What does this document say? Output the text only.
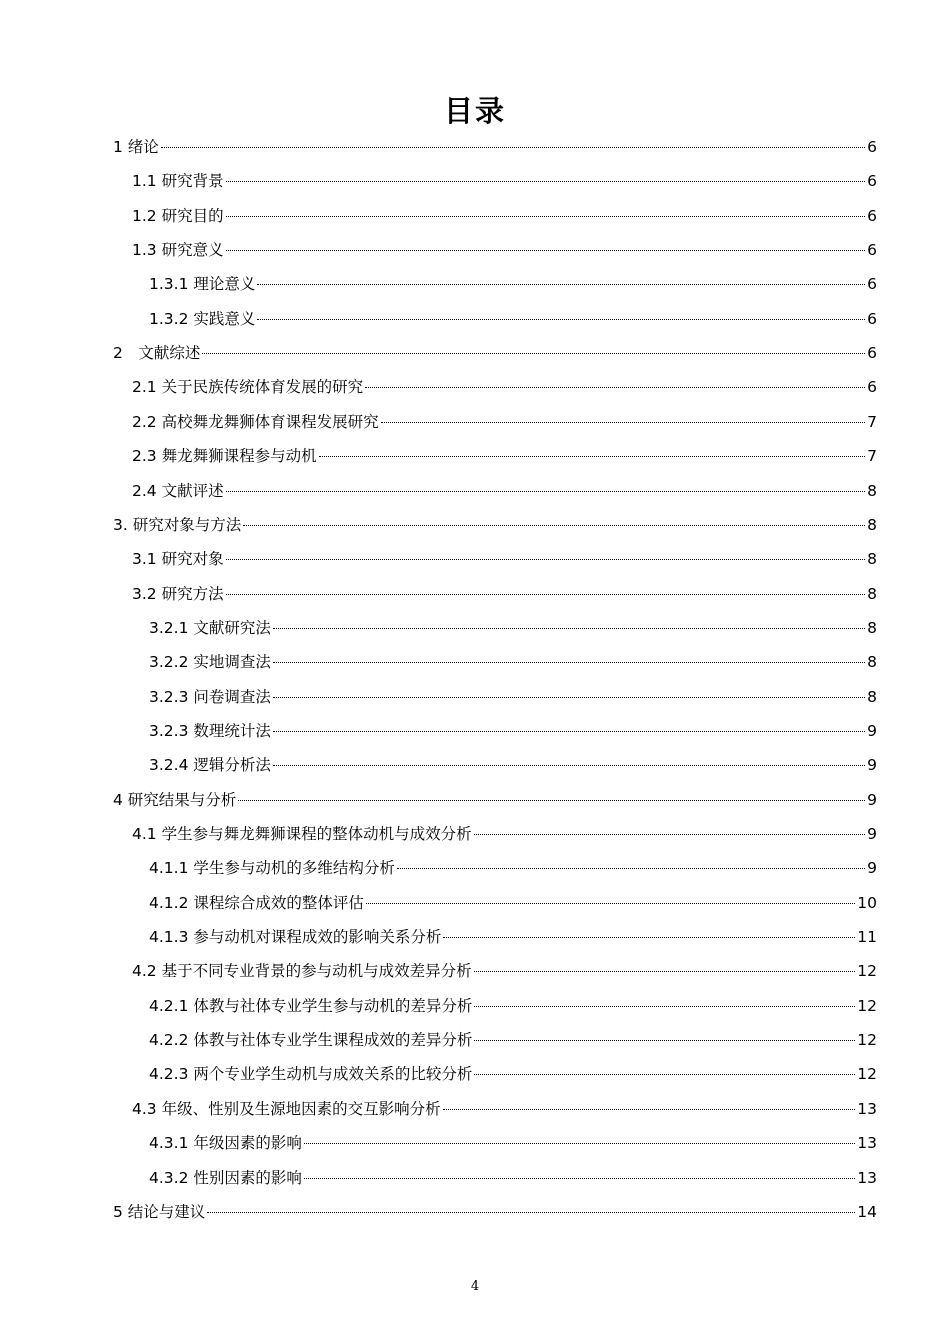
目录
1 绪论	6
1.1 研究背景	6
1.2 研究目的	6
1.3 研究意义	6
1.3.1 理论意义	6
1.3.2 实践意义	6
2　文献综述	6
2.1 关于民族传统体育发展的研究	6
2.2 高校舞龙舞狮体育课程发展研究	7
2.3 舞龙舞狮课程参与动机	7
2.4 文献评述	8
3. 研究对象与方法	8
3.1 研究对象	8
3.2 研究方法	8
3.2.1 文献研究法	8
3.2.2 实地调查法	8
3.2.3 问卷调查法	8
3.2.3 数理统计法	9
3.2.4 逻辑分析法	9
4 研究结果与分析	9
4.1 学生参与舞龙舞狮课程的整体动机与成效分析	9
4.1.1 学生参与动机的多维结构分析	9
4.1.2 课程综合成效的整体评估	10
4.1.3 参与动机对课程成效的影响关系分析	11
4.2 基于不同专业背景的参与动机与成效差异分析	12
4.2.1 体教与社体专业学生参与动机的差异分析	12
4.2.2 体教与社体专业学生课程成效的差异分析	12
4.2.3 两个专业学生动机与成效关系的比较分析	12
4.3 年级、性别及生源地因素的交互影响分析	13
4.3.1 年级因素的影响	13
4.3.2 性别因素的影响	13
5 结论与建议	14
4
